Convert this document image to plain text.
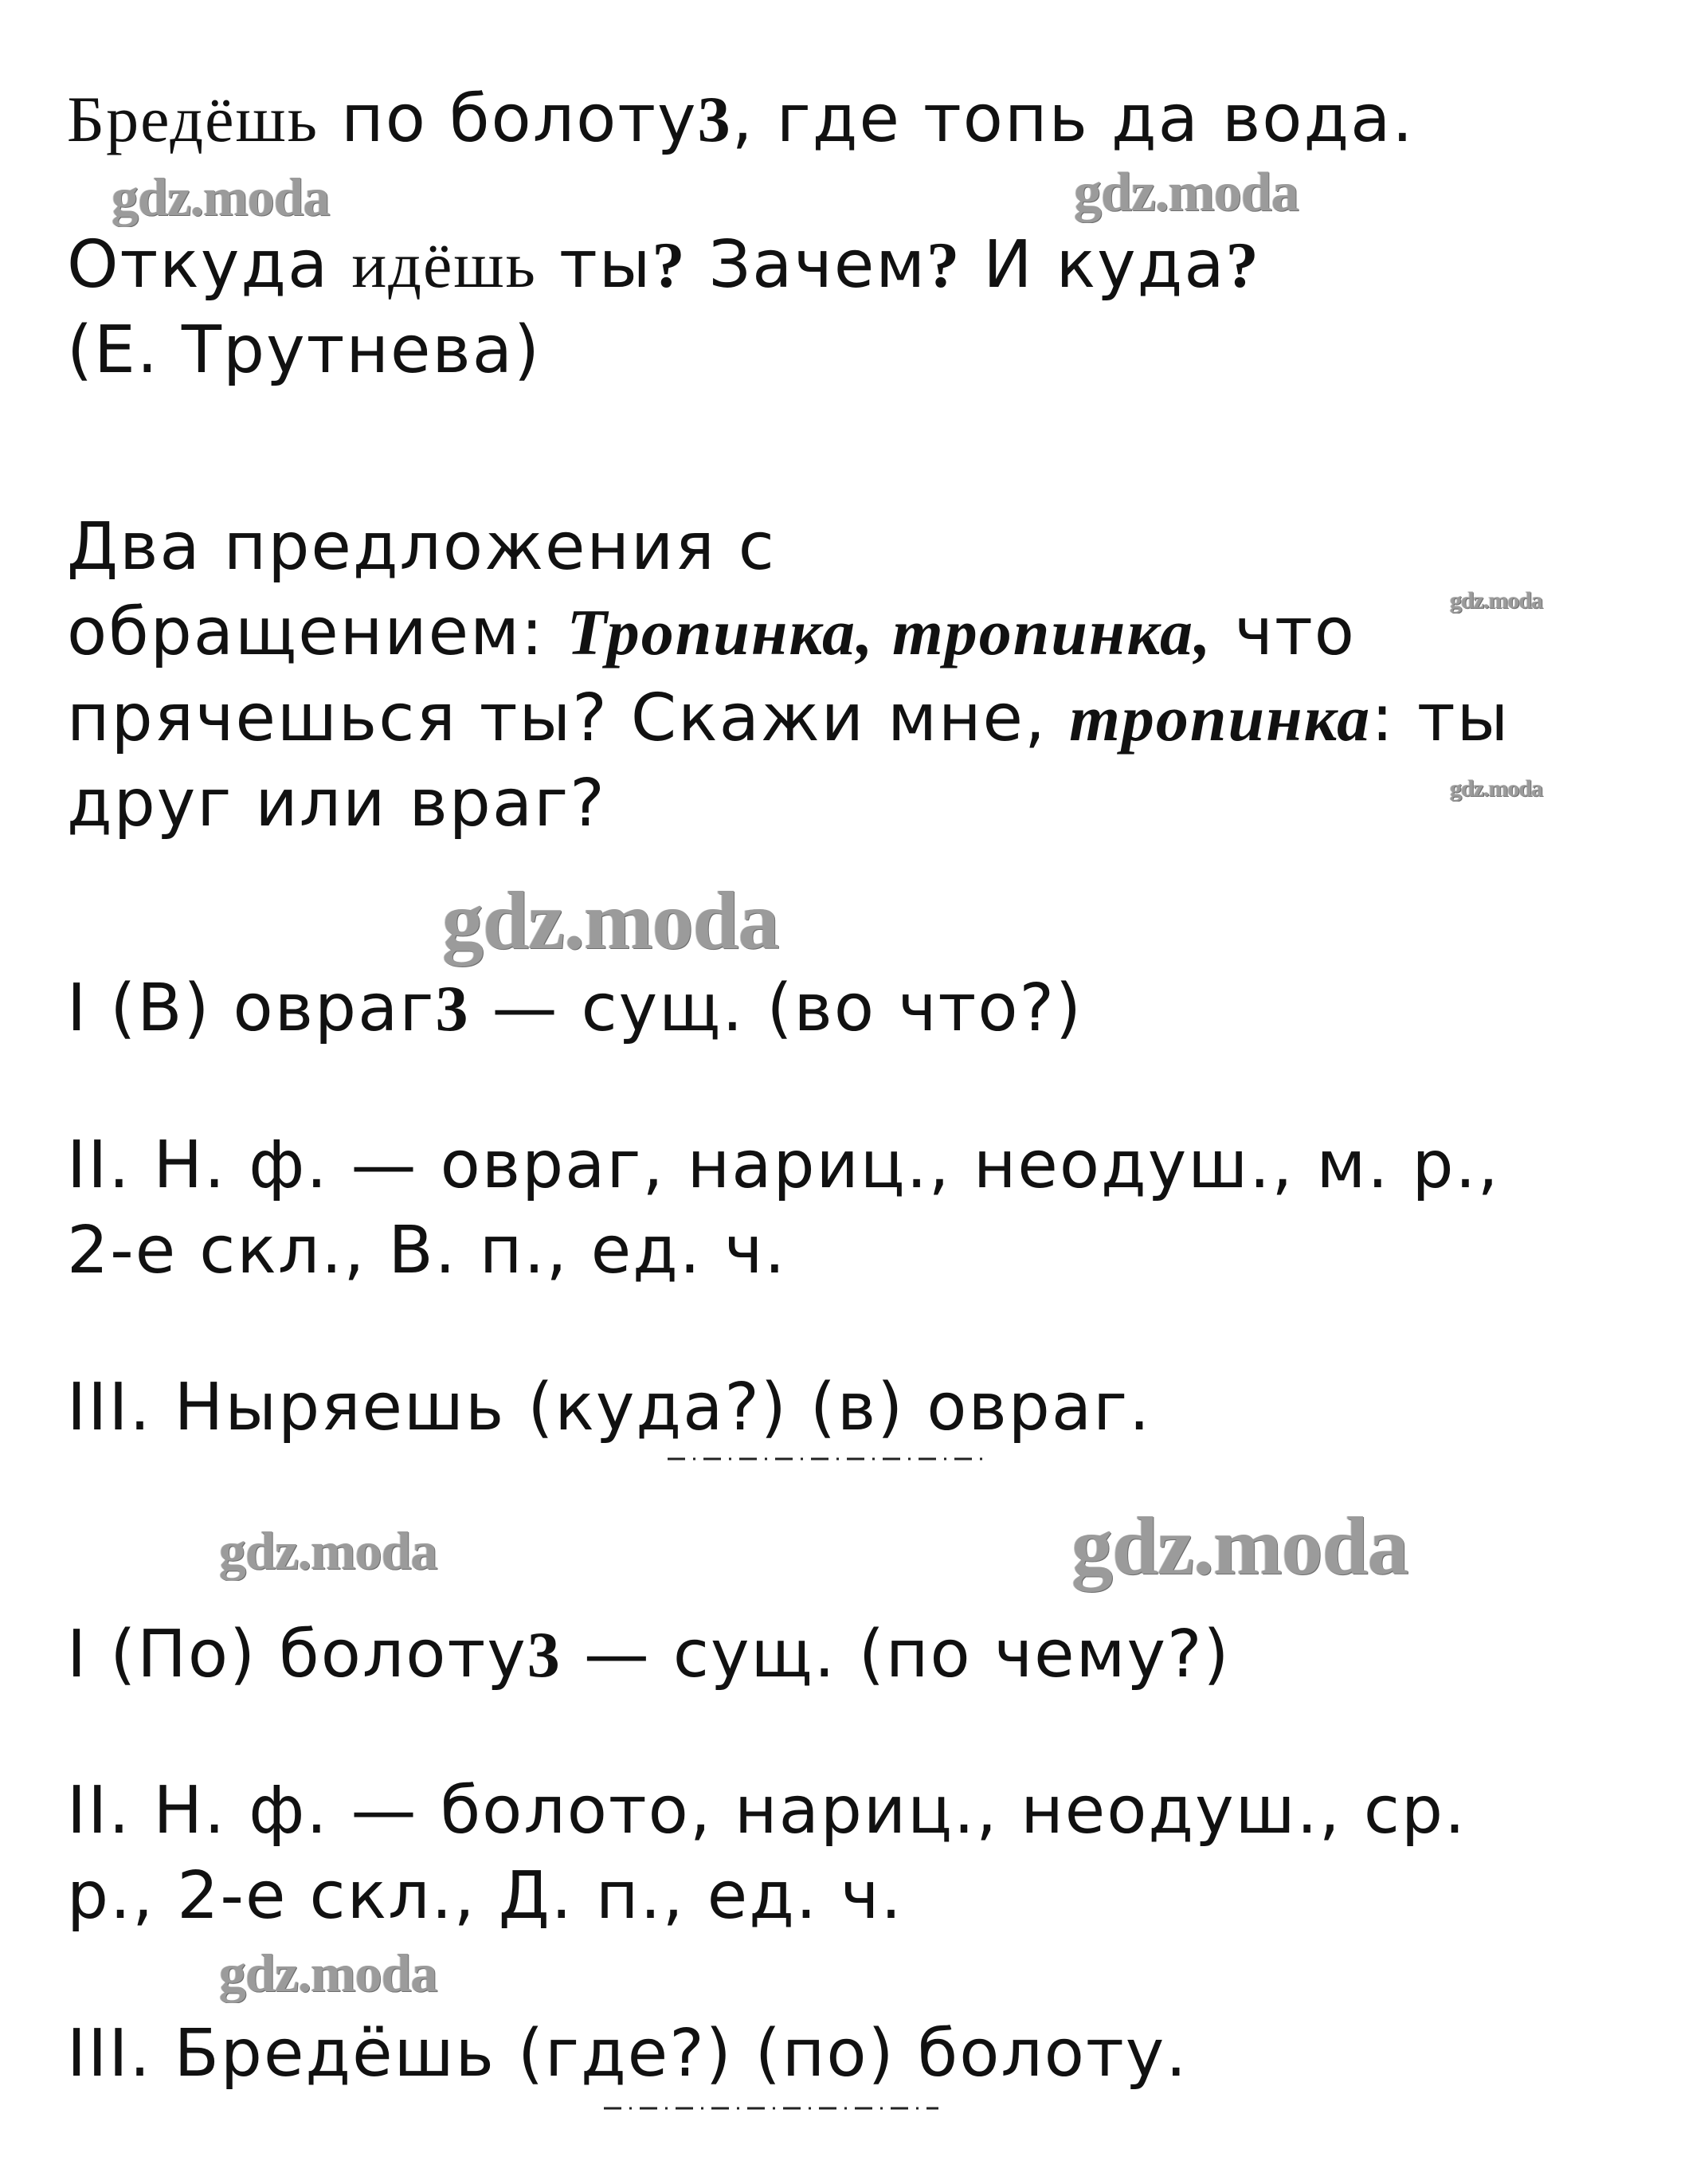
Бредёшь по болоту3, где топь да вода.

Откуда идёшь ты? Зачем? И куда?

(Е. Трутнева)

Два предложения с

обращением: Тропинка, тропинка, что

прячешься ты? Скажи мне, тропинка: ты

друг или враг?

I (В) овраг3 — сущ. (во что?)

II. Н. ф. — овраг, нариц., неодуш., м. р.,

2-е скл., В. п., ед. ч.

III. Ныряешь (куда?) (в) овраг.

I (По) болоту3 — сущ. (по чему?)

II. Н. ф. — болото, нариц., неодуш., ср.

р., 2-е скл., Д. п., ед. ч.

III. Бредёшь (где?) (по) болоту.

gdz.moda	gdz.moda

gdz.moda

gdz.moda

gdz.moda

gdz.moda	gdz.moda

gdz.moda
